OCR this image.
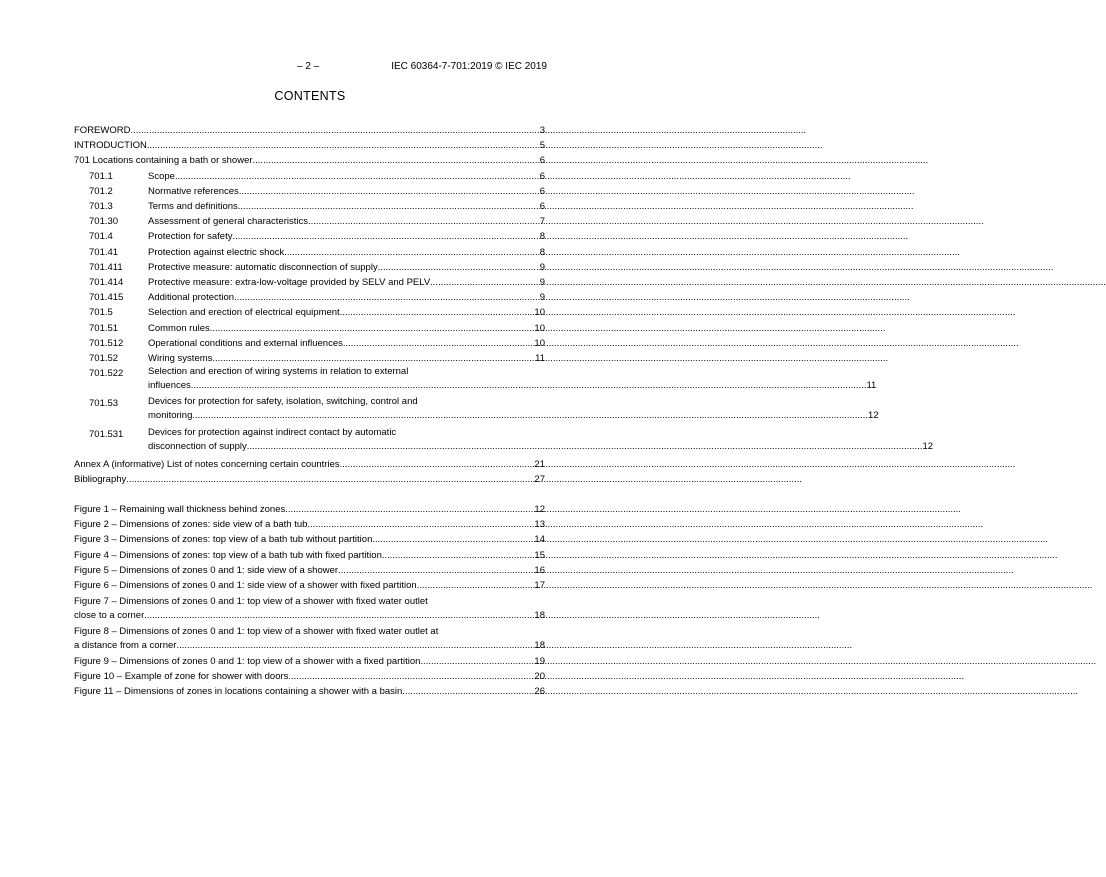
– 2 –	IEC 60364-7-701:2019 © IEC 2019
CONTENTS
FOREWORD .....	3
INTRODUCTION .....	5
701 Locations containing a bath or shower .....	6
701.1	Scope .....	6
701.2	Normative references .....	6
701.3	Terms and definitions .....	6
701.30	Assessment of general characteristics .....	7
701.4	Protection for safety .....	8
701.41	Protection against electric shock .....	8
701.411	Protective measure: automatic disconnection of supply .....	9
701.414	Protective measure: extra-low-voltage provided by SELV and PELV .....	9
701.415	Additional protection .....	9
701.5	Selection and erection of electrical equipment .....	10
701.51	Common rules .....	10
701.512	Operational conditions and external influences .....	10
701.52	Wiring systems .....	11
701.522	Selection and erection of wiring systems in relation to external
influences .....	11
701.53	Devices for protection for safety, isolation, switching, control and
monitoring .....	12
701.531	Devices for protection against indirect contact by automatic
disconnection of supply .....	12
Annex A (informative) List of notes concerning certain countries .....	21
Bibliography .....	27
Figure 1 – Remaining wall thickness behind zones .....	12
Figure 2 – Dimensions of zones: side view of a bath tub .....	13
Figure 3 – Dimensions of zones: top view of a bath tub without partition .....	14
Figure 4 – Dimensions of zones: top view of a bath tub with fixed partition .....	15
Figure 5 – Dimensions of zones 0 and 1: side view of a shower .....	16
Figure 6 – Dimensions of zones 0 and 1: side view of a shower with fixed partition .....	17
Figure 7 – Dimensions of zones 0 and 1: top view of a shower with fixed water outlet
close to a corner .....	18
Figure 8 – Dimensions of zones 0 and 1: top view of a shower with fixed water outlet at
a distance from a corner .....	18
Figure 9 – Dimensions of zones 0 and 1: top view of a shower with a fixed partition .....	19
Figure 10 – Example of zone for shower with doors .....	20
Figure 11 – Dimensions of zones in locations containing a shower with a basin .....	26
